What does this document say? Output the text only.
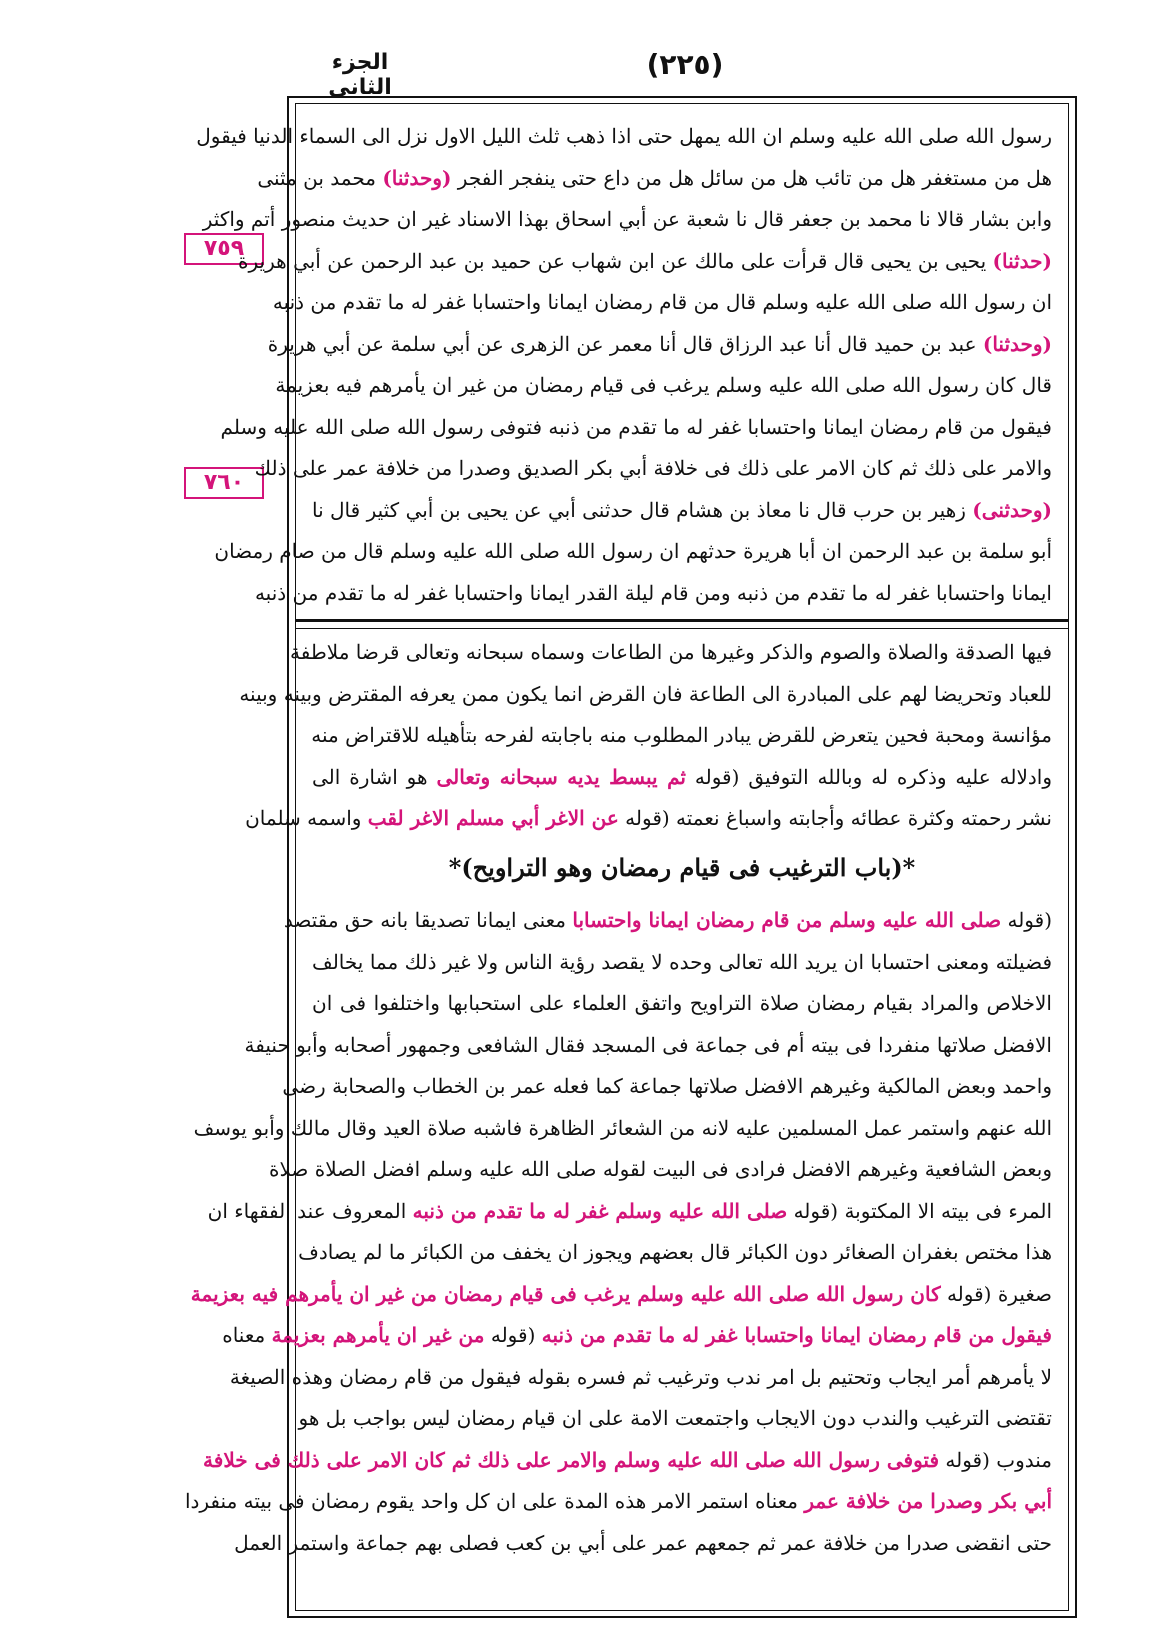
(٢٢٥)
الجزء الثانى
٧٥٩
٧٦٠
رسول الله صلى الله عليه وسلم ان الله يمهل حتى اذا ذهب ثلث الليل الاول نزل الى السماء الدنيا فيقول
هل من مستغفر هل من تائب هل من سائل هل من داع حتى ينفجر الفجر (وحدثنا) محمد بن مثنى
وابن بشار قالا نا محمد بن جعفر قال نا شعبة عن أبي اسحاق بهذا الاسناد غير ان حديث منصور أتم واكثر
(حدثنا) يحيى بن يحيى قال قرأت على مالك عن ابن شهاب عن حميد بن عبد الرحمن عن أبي هريرة
ان رسول الله صلى الله عليه وسلم قال من قام رمضان ايمانا واحتسابا غفر له ما تقدم من ذنبه
(وحدثنا) عبد بن حميد قال أنا عبد الرزاق قال أنا معمر عن الزهرى عن أبي سلمة عن أبي هريرة
قال كان رسول الله صلى الله عليه وسلم يرغب فى قيام رمضان من غير ان يأمرهم فيه بعزيمة
فيقول من قام رمضان ايمانا واحتسابا غفر له ما تقدم من ذنبه فتوفى رسول الله صلى الله عليه وسلم
والامر على ذلك ثم كان الامر على ذلك فى خلافة أبي بكر الصديق وصدرا من خلافة عمر على ذلك
(وحدثنى) زهير بن حرب قال نا معاذ بن هشام قال حدثنى أبي عن يحيى بن أبي كثير قال نا
أبو سلمة بن عبد الرحمن ان أبا هريرة حدثهم ان رسول الله صلى الله عليه وسلم قال من صام رمضان
ايمانا واحتسابا غفر له ما تقدم من ذنبه ومن قام ليلة القدر ايمانا واحتسابا غفر له ما تقدم من ذنبه
فيها الصدقة والصلاة والصوم والذكر وغيرها من الطاعات وسماه سبحانه وتعالى قرضا ملاطفة
للعباد وتحريضا لهم على المبادرة الى الطاعة فان القرض انما يكون ممن يعرفه المقترض وبينه وبينه
مؤانسة ومحبة فحين يتعرض للقرض يبادر المطلوب منه باجابته لفرحه بتأهيله للاقتراض منه
وادلاله عليه وذكره له وبالله التوفيق (قوله ثم يبسط يديه سبحانه وتعالى هو اشارة الى
نشر رحمته وكثرة عطائه وأجابته واسباغ نعمته (قوله عن الاغر أبي مسلم الاغر لقب واسمه سلمان
*(باب الترغيب فى قيام رمضان وهو التراويح)*
(قوله صلى الله عليه وسلم من قام رمضان ايمانا واحتسابا معنى ايمانا تصديقا بانه حق مقتصد
فضيلته ومعنى احتسابا ان يريد الله تعالى وحده لا يقصد رؤية الناس ولا غير ذلك مما يخالف
الاخلاص والمراد بقيام رمضان صلاة التراويح واتفق العلماء على استحبابها واختلفوا فى ان
الافضل صلاتها منفردا فى بيته أم فى جماعة فى المسجد فقال الشافعى وجمهور أصحابه وأبو حنيفة
واحمد وبعض المالكية وغيرهم الافضل صلاتها جماعة كما فعله عمر بن الخطاب والصحابة رضى
الله عنهم واستمر عمل المسلمين عليه لانه من الشعائر الظاهرة فاشبه صلاة العيد وقال مالك وأبو يوسف
وبعض الشافعية وغيرهم الافضل فرادى فى البيت لقوله صلى الله عليه وسلم افضل الصلاة صلاة
المرء فى بيته الا المكتوبة (قوله صلى الله عليه وسلم غفر له ما تقدم من ذنبه المعروف عند الفقهاء ان
هذا مختص بغفران الصغائر دون الكبائر قال بعضهم ويجوز ان يخفف من الكبائر ما لم يصادف
صغيرة (قوله كان رسول الله صلى الله عليه وسلم يرغب فى قيام رمضان من غير ان يأمرهم فيه بعزيمة
فيقول من قام رمضان ايمانا واحتسابا غفر له ما تقدم من ذنبه (قوله من غير ان يأمرهم بعزيمة معناه
لا يأمرهم أمر ايجاب وتحتيم بل امر ندب وترغيب ثم فسره بقوله فيقول من قام رمضان وهذه الصيغة
تقتضى الترغيب والندب دون الايجاب واجتمعت الامة على ان قيام رمضان ليس بواجب بل هو
مندوب (قوله فتوفى رسول الله صلى الله عليه وسلم والامر على ذلك ثم كان الامر على ذلك فى خلافة
أبي بكر وصدرا من خلافة عمر معناه استمر الامر هذه المدة على ان كل واحد يقوم رمضان فى بيته منفردا
حتى انقضى صدرا من خلافة عمر ثم جمعهم عمر على أبي بن كعب فصلى بهم جماعة واستمر العمل
